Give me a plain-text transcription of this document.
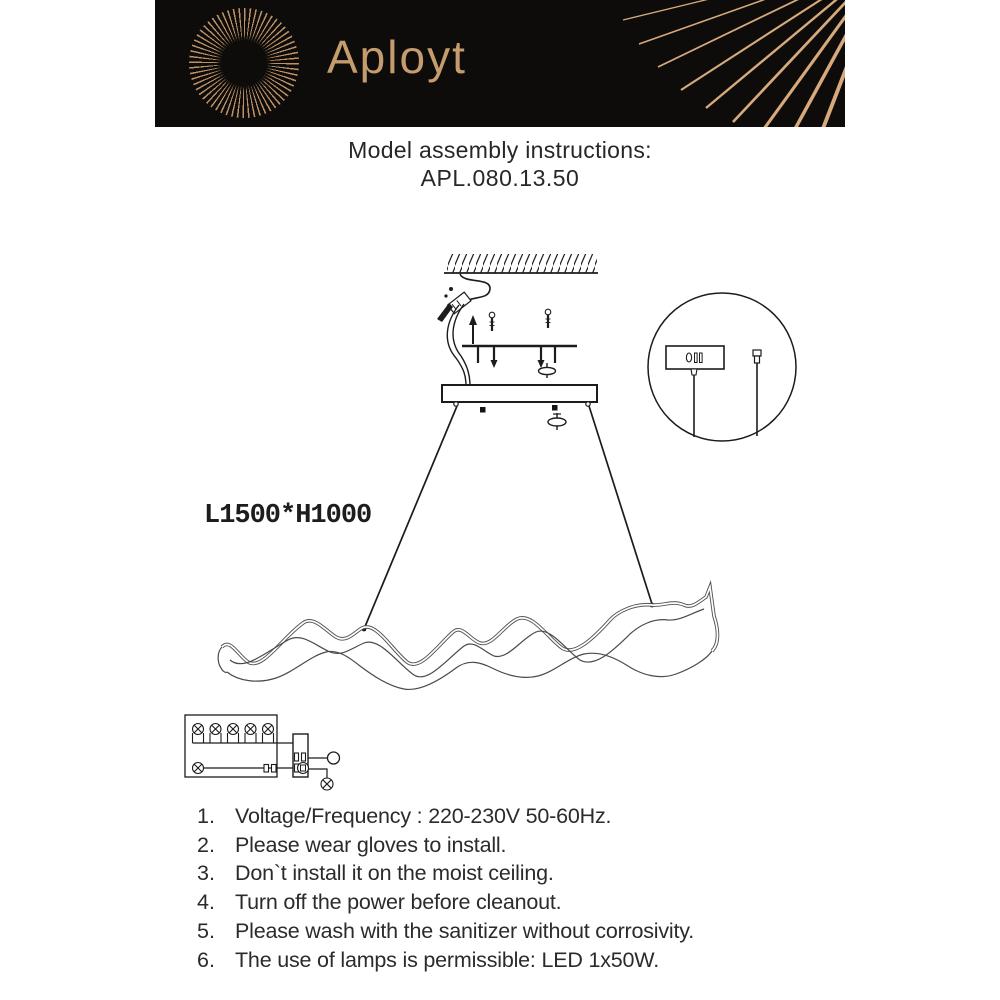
Aployt
Model assembly instructions:
APL.080.13.50
L1500*H1000
1. Voltage/Frequency : 220-230V 50-60Hz.
2. Please wear gloves to install.
3. Don`t install it on the moist ceiling.
4. Turn off the power before cleanout.
5. Please wash with the sanitizer without corrosivity.
6. The use of lamps is permissible: LED 1x50W.
